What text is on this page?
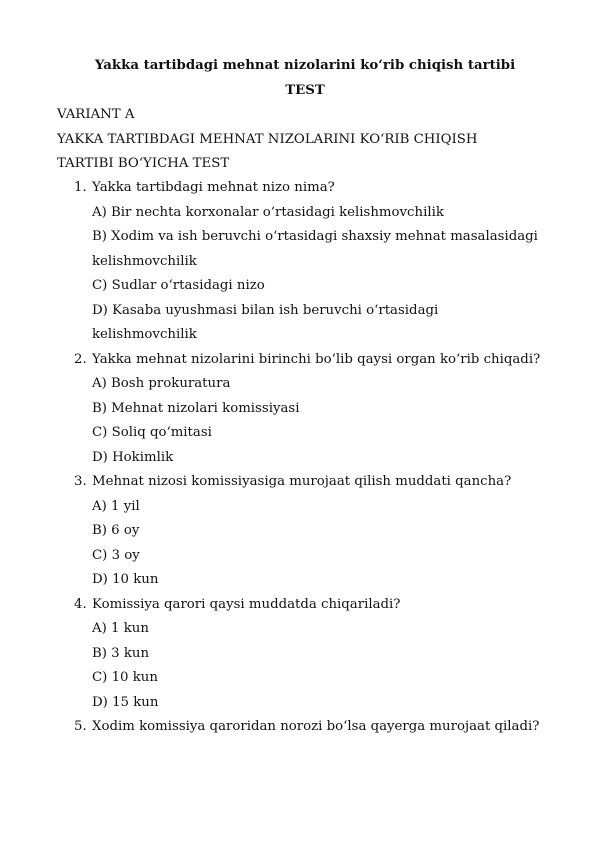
Yakka tartibdagi mehnat nizolarini koʻrib chiqish tartibi
TEST
VARIANT A
YAKKA TARTIBDAGI MEHNAT NIZOLARINI KOʻRIB CHIQISH
TARTIBI BOʻYICHA TEST
1. Yakka tartibdagi mehnat nizo nima?
A) Bir nechta korxonalar oʻrtasidagi kelishmovchilik
B) Xodim va ish beruvchi oʻrtasidagi shaxsiy mehnat masalasidagi kelishmovchilik
C) Sudlar oʻrtasidagi nizo
D) Kasaba uyushmasi bilan ish beruvchi oʻrtasidagi kelishmovchilik
2. Yakka mehnat nizolarini birinchi boʻlib qaysi organ koʻrib chiqadi?
A) Bosh prokuratura
B) Mehnat nizolari komissiyasi
C) Soliq qoʻmitasi
D) Hokimlik
3. Mehnat nizosi komissiyasiga murojaat qilish muddati qancha?
A) 1 yil
B) 6 oy
C) 3 oy
D) 10 kun
4. Komissiya qarori qaysi muddatda chiqariladi?
A) 1 kun
B) 3 kun
C) 10 kun
D) 15 kun
5. Xodim komissiya qaroridan norozi boʻlsa qayerga murojaat qiladi?
